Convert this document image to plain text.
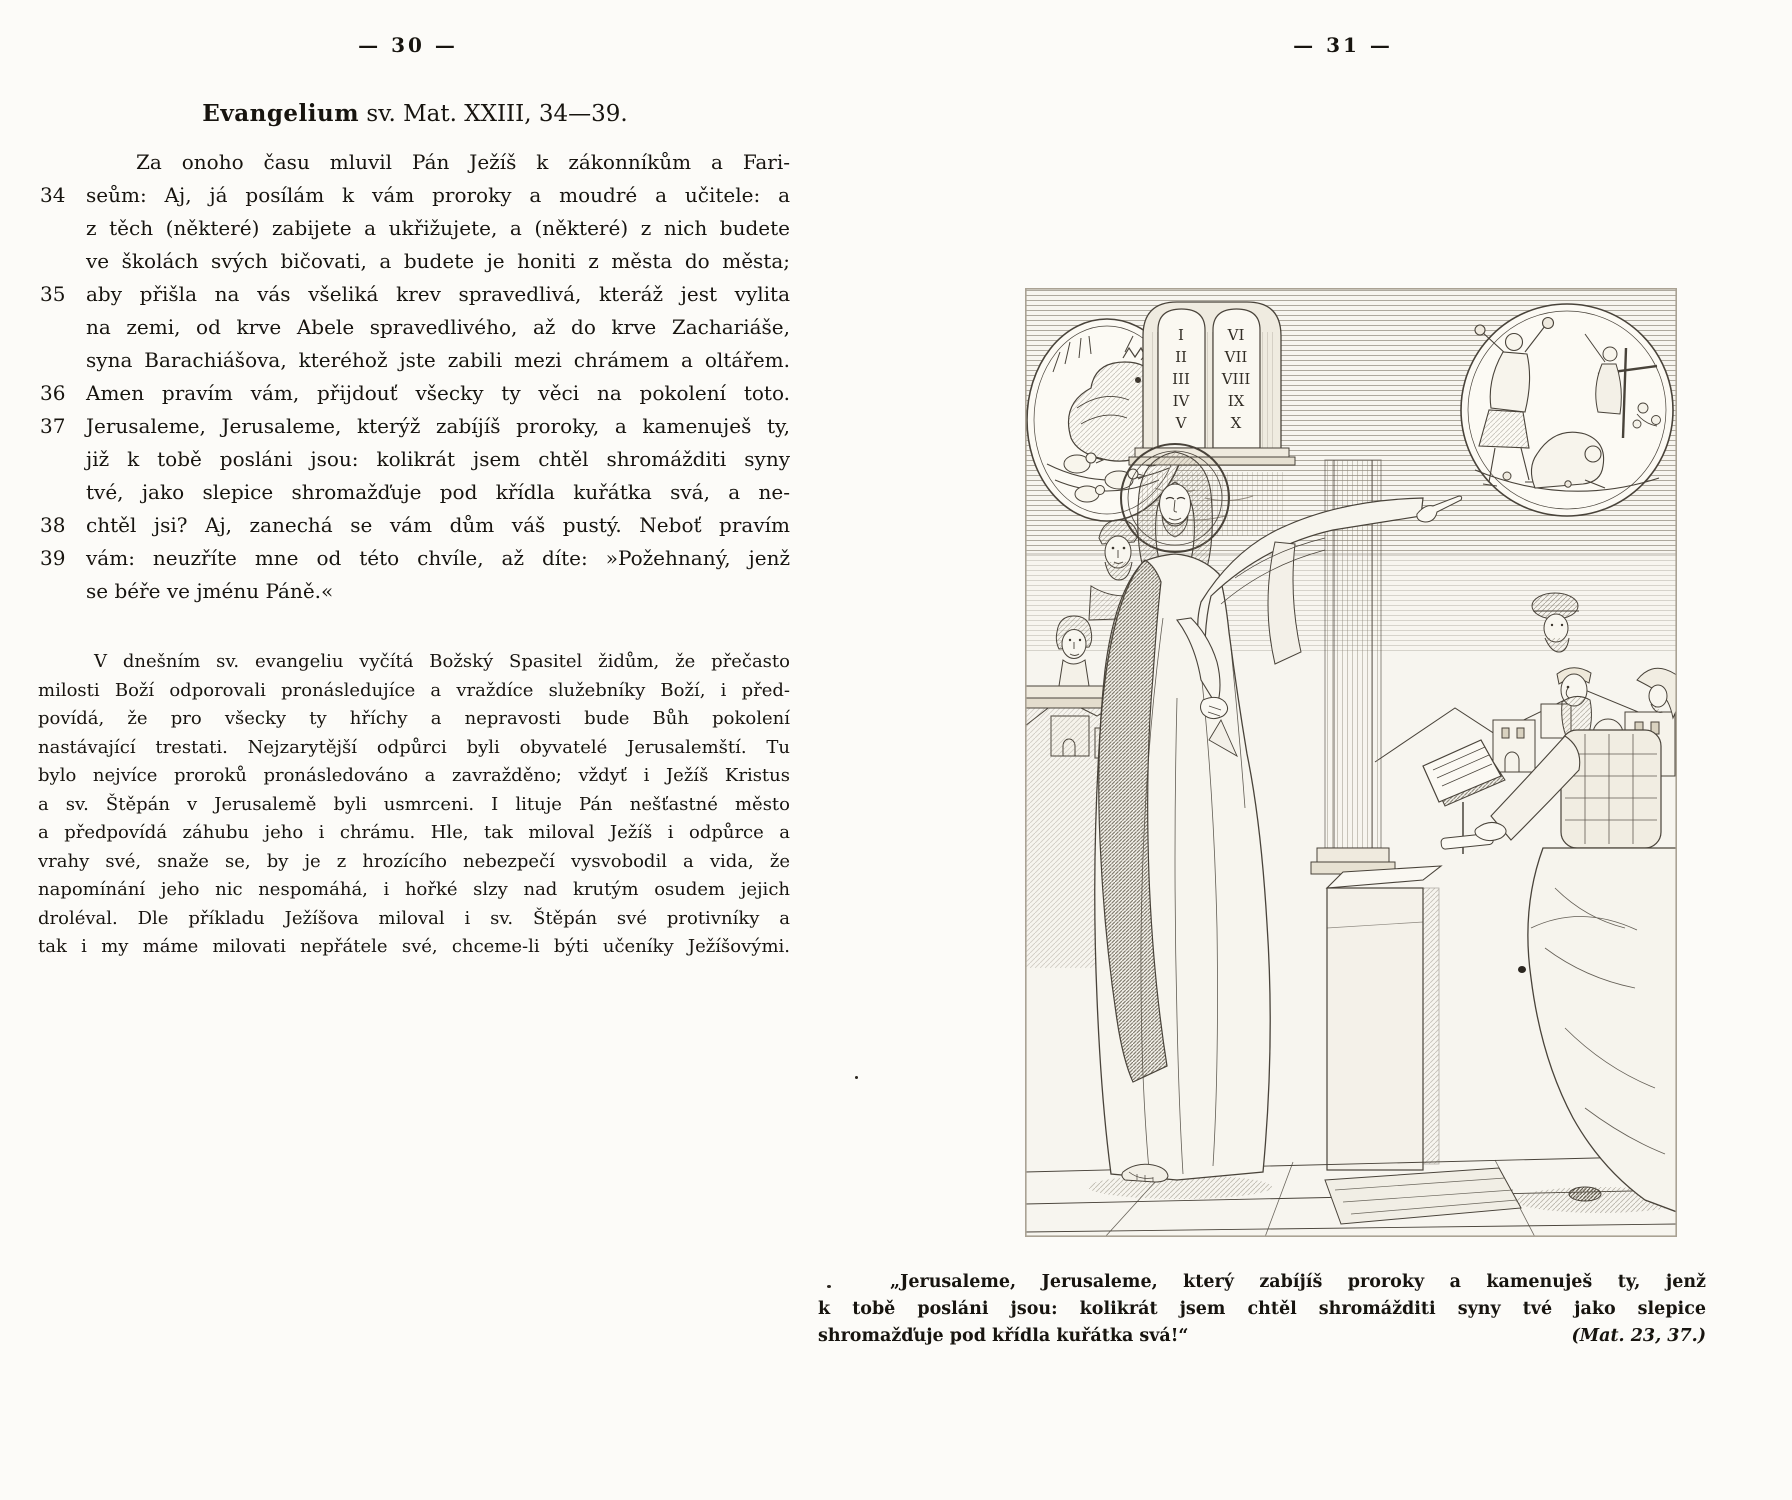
— 30 —
Evangelium sv. Mat. XXIII, 34—39.
Za onoho času mluvil Pán Ježíš k zákonníkům a Fari-
34	seům: Aj, já posílám k vám proroky a moudré a učitele: a
z těch (některé) zabijete a ukřižujete, a (některé) z nich budete
ve školách svých bičovati, a budete je honiti z města do města;
35	aby přišla na vás všeliká krev spravedlivá, kteráž jest vylita
na zemi, od krve Abele spravedlivého, až do krve Zachariáše,
syna Barachiášova, kteréhož jste zabili mezi chrámem a oltářem.
36	Amen pravím vám, přijdouť všecky ty věci na pokolení toto.
37	Jerusaleme, Jerusaleme, kterýž zabíjíš proroky, a kamenuješ ty,
již k tobě posláni jsou: kolikrát jsem chtěl shromážditi syny
tvé, jako slepice shromažďuje pod křídla kuřátka svá, a ne-
38	chtěl jsi? Aj, zanechá se vám dům váš pustý. Neboť pravím
39	vám: neuzříte mne od této chvíle, až díte: »Požehnaný, jenž
se béře ve jménu Páně.«
V dnešním sv. evangeliu vyčítá Božský Spasitel židům, že přečasto
milosti Boží odporovali pronásledujíce a vraždíce služebníky Boží, i před-
povídá, že pro všecky ty hříchy a nepravosti bude Bůh pokolení
nastávající trestati. Nejzarytější odpůrci byli obyvatelé Jerusalemští. Tu
bylo nejvíce proroků pronásledováno a zavražděno; vždyť i Ježíš Kristus
a sv. Štěpán v Jerusalemě byli usmrceni. I lituje Pán nešťastné město
a předpovídá záhubu jeho i chrámu. Hle, tak miloval Ježíš i odpůrce a
vrahy své, snaže se, by je z hrozícího nebezpečí vysvobodil a vida, že
napomínání jeho nic nespomáhá, i hořké slzy nad krutým osudem jejich
droléval. Dle příkladu Ježíšova miloval i sv. Štěpán své protivníky a
tak i my máme milovati nepřátele své, chceme-li býti učeníky Ježíšovými.
— 31 —
I
II
III
IV
V
VI
VII
VIII
IX
X
„Jerusaleme, Jerusaleme, který zabíjíš proroky a kamenuješ ty, jenž
k tobě posláni jsou: kolikrát jsem chtěl shromážditi syny tvé jako slepice
shromažďuje pod křídla kuřátka svá!“	(Mat. 23, 37.)
